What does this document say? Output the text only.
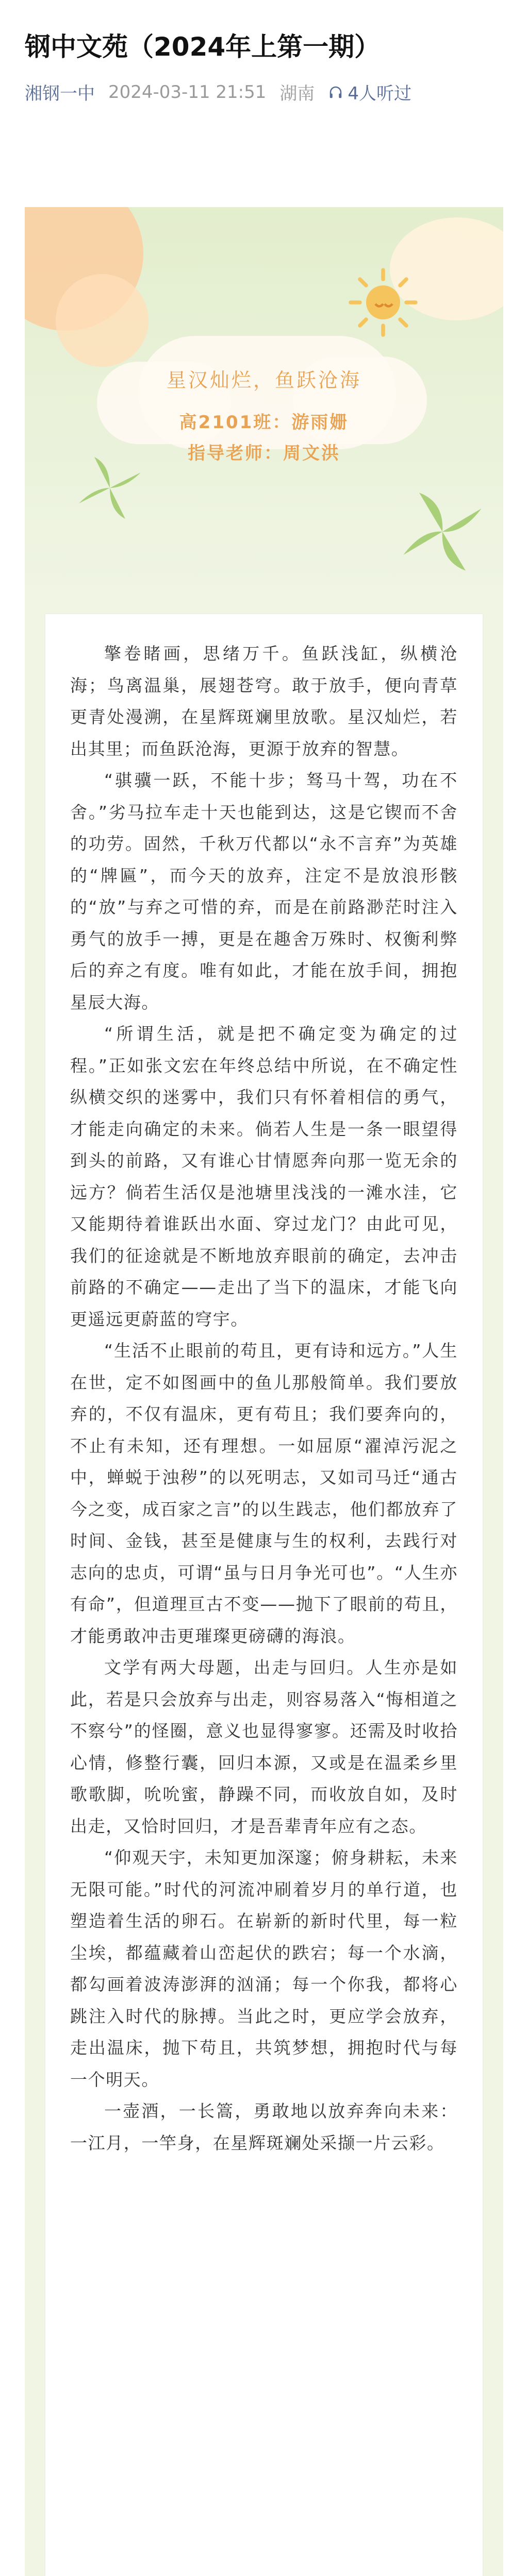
钢中文苑（2024年上第一期）
湘钢一中 2024-03-11 21:51 湖南 4人听过
星汉灿烂，鱼跃沧海
高2101班：游雨姗
指导老师：周文洪

擎卷睹画，思绪万千。鱼跃浅缸，纵横沧海；鸟离温巢，展翅苍穹。敢于放手，便向青草更青处漫溯，在星辉斑斓里放歌。星汉灿烂，若出其里；而鱼跃沧海，更源于放弃的智慧。

“骐骥一跃，不能十步；驽马十驾，功在不舍。”劣马拉车走十天也能到达，这是它锲而不舍的功劳。固然，千秋万代都以“永不言弃”为英雄的“牌匾”，而今天的放弃，注定不是放浪形骸的“放”与弃之可惜的弃，而是在前路渺茫时注入勇气的放手一搏，更是在趣舍万殊时、权衡利弊后的弃之有度。唯有如此，才能在放手间，拥抱星辰大海。

“所谓生活，就是把不确定变为确定的过程。”正如张文宏在年终总结中所说，在不确定性纵横交织的迷雾中，我们只有怀着相信的勇气，才能走向确定的未来。倘若人生是一条一眼望得到头的前路，又有谁心甘情愿奔向那一览无余的远方？倘若生活仅是池塘里浅浅的一滩水洼，它又能期待着谁跃出水面、穿过龙门？由此可见，我们的征途就是不断地放弃眼前的确定，去冲击前路的不确定——走出了当下的温床，才能飞向更遥远更蔚蓝的穹宇。

“生活不止眼前的苟且，更有诗和远方。”人生在世，定不如图画中的鱼儿那般简单。我们要放弃的，不仅有温床，更有苟且；我们要奔向的，不止有未知，还有理想。一如屈原“濯淖污泥之中，蝉蜕于浊秽”的以死明志，又如司马迁“通古今之变，成百家之言”的以生践志，他们都放弃了时间、金钱，甚至是健康与生的权利，去践行对志向的忠贞，可谓“虽与日月争光可也”。“人生亦有命”，但道理亘古不变——抛下了眼前的苟且，才能勇敢冲击更璀璨更磅礴的海浪。

文学有两大母题，出走与回归。人生亦是如此，若是只会放弃与出走，则容易落入“悔相道之不察兮”的怪圈，意义也显得寥寥。还需及时收拾心情，修整行囊，回归本源，又或是在温柔乡里歌歌脚，吮吮蜜，静躁不同，而收放自如，及时出走，又恰时回归，才是吾辈青年应有之态。

“仰观天宇，未知更加深邃；俯身耕耘，未来无限可能。”时代的河流冲刷着岁月的单行道，也塑造着生活的卵石。在崭新的新时代里，每一粒尘埃，都蕴藏着山峦起伏的跌宕；每一个水滴，都勾画着波涛澎湃的汹涌；每一个你我，都将心跳注入时代的脉搏。当此之时，更应学会放弃，走出温床，抛下苟且，共筑梦想，拥抱时代与每一个明天。

一壶酒，一长篙，勇敢地以放弃奔向未来：一江月，一竿身，在星辉斑斓处采撷一片云彩。
